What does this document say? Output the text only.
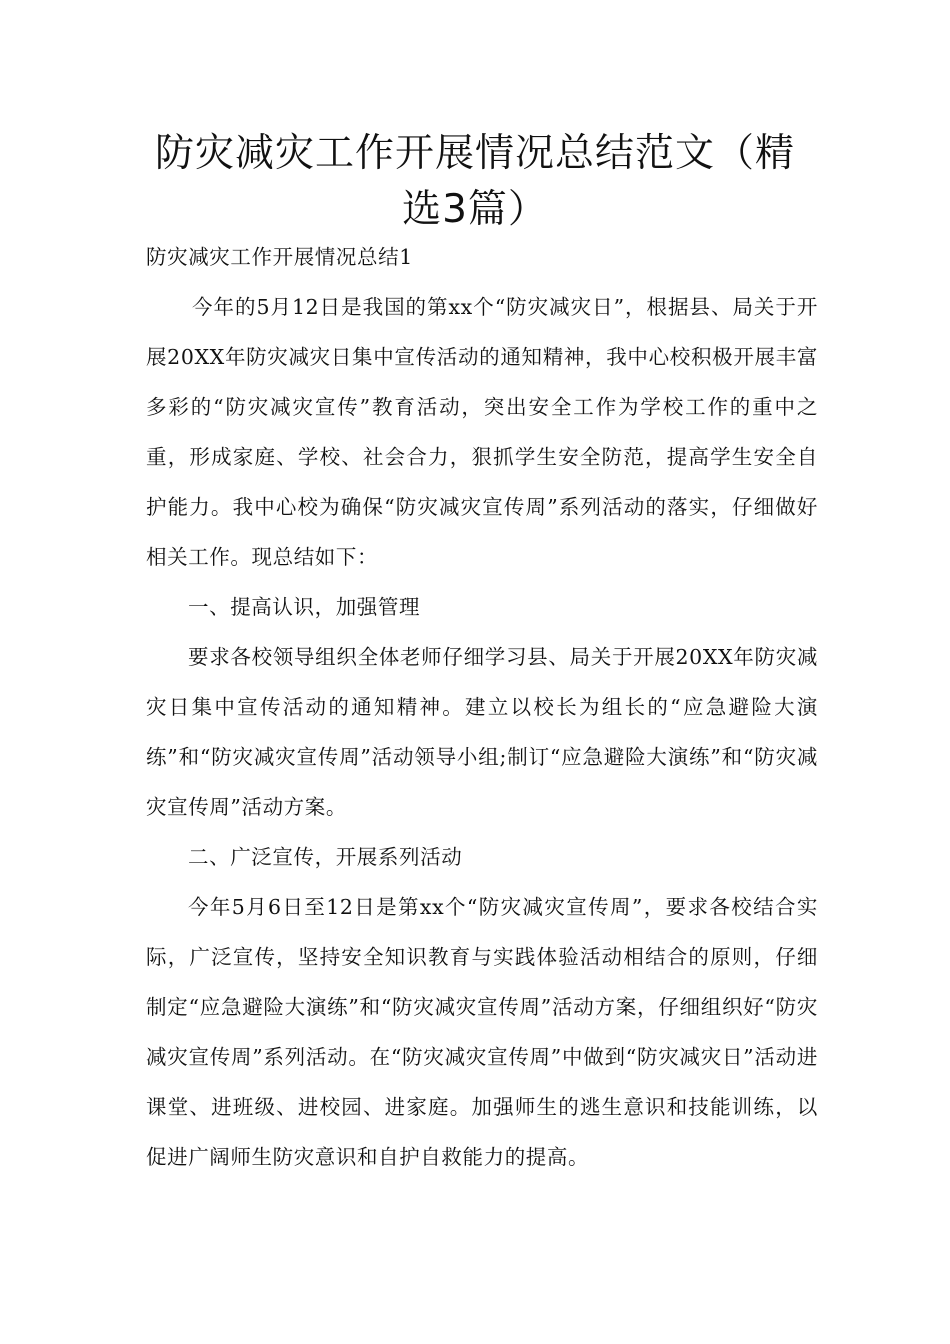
防灾减灾工作开展情况总结范文（精选3篇）

防灾减灾工作开展情况总结1

今年的5月12日是我国的第xx个“防灾减灾日”，根据县、局关于开展20XX年防灾减灾日集中宣传活动的通知精神，我中心校积极开展丰富多彩的“防灾减灾宣传”教育活动，突出安全工作为学校工作的重中之重，形成家庭、学校、社会合力，狠抓学生安全防范，提高学生安全自护能力。我中心校为确保“防灾减灾宣传周”系列活动的落实，仔细做好相关工作。现总结如下：

一、提高认识，加强管理

要求各校领导组织全体老师仔细学习县、局关于开展20XX年防灾减灾日集中宣传活动的通知精神。建立以校长为组长的“应急避险大演练”和“防灾减灾宣传周”活动领导小组;制订“应急避险大演练”和“防灾减灾宣传周”活动方案。

二、广泛宣传，开展系列活动

今年5月6日至12日是第xx个“防灾减灾宣传周”，要求各校结合实际，广泛宣传，坚持安全知识教育与实践体验活动相结合的原则，仔细制定“应急避险大演练”和“防灾减灾宣传周”活动方案，仔细组织好“防灾减灾宣传周”系列活动。在“防灾减灾宣传周”中做到“防灾减灾日”活动进课堂、进班级、进校园、进家庭。加强师生的逃生意识和技能训练，以促进广阔师生防灾意识和自护自救能力的提高。
